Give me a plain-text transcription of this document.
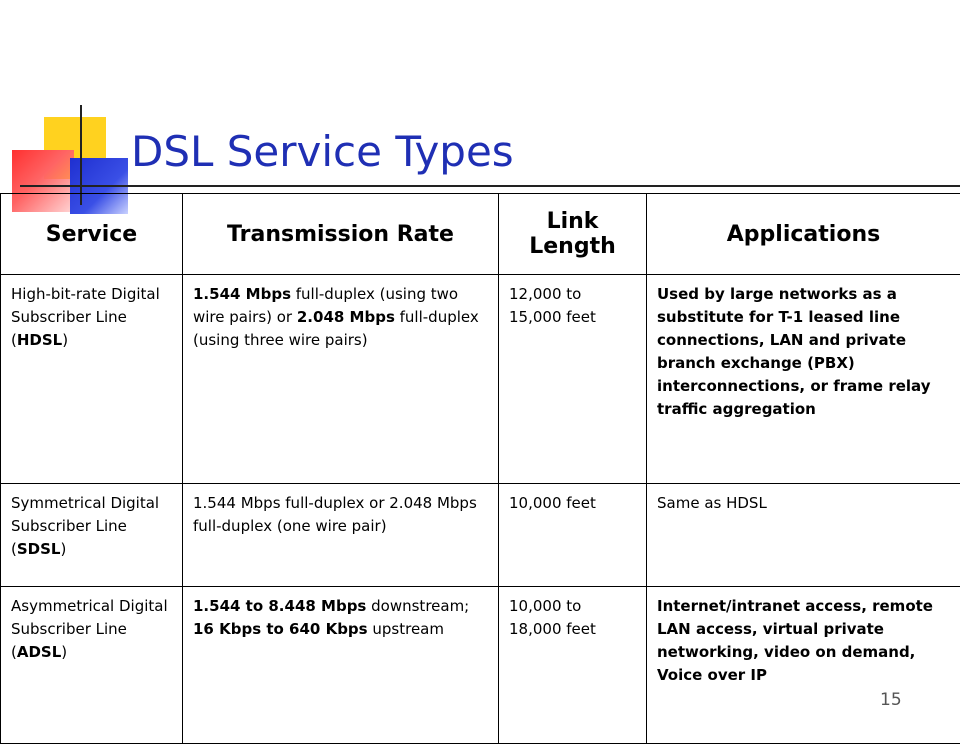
DSL Service Types
Service	Transmission Rate	Link Length	Applications
High-bit-rate Digital Subscriber Line (HDSL)	1.544 Mbps full-duplex (using two wire pairs) or 2.048 Mbps full-duplex (using three wire pairs)	12,000 to 15,000 feet	Used by large networks as a substitute for T-1 leased line connections, LAN and private branch exchange (PBX) interconnections, or frame relay traffic aggregation
Symmetrical Digital Subscriber Line (SDSL)	1.544 Mbps full-duplex or 2.048 Mbps full-duplex (one wire pair)	10,000 feet	Same as HDSL
Asymmetrical Digital Subscriber Line (ADSL)	1.544 to 8.448 Mbps downstream; 16 Kbps to 640 Kbps upstream	10,000 to 18,000 feet	Internet/intranet access, remote LAN access, virtual private networking, video on demand, Voice over IP
15
